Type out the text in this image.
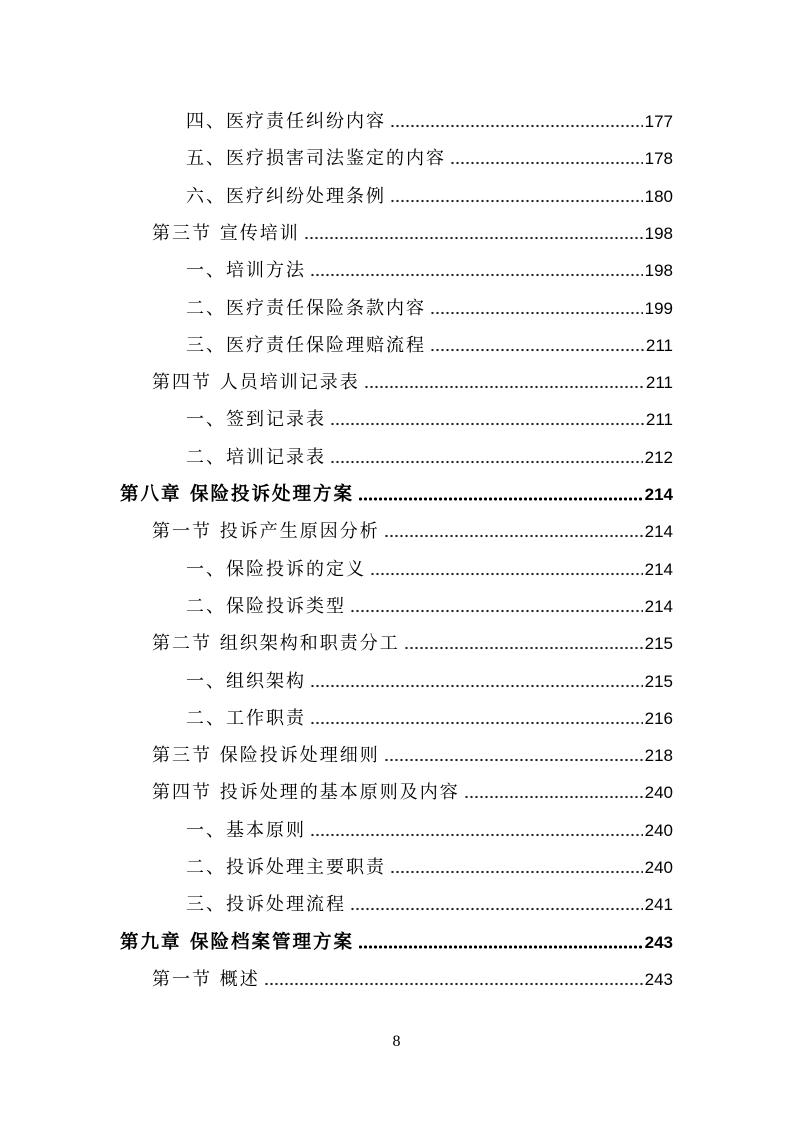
四、医疗责任纠纷内容	177
五、医疗损害司法鉴定的内容	178
六、医疗纠纷处理条例	180
第三节 宣传培训	198
一、培训方法	198
二、医疗责任保险条款内容	199
三、医疗责任保险理赔流程	211
第四节 人员培训记录表	211
一、签到记录表	211
二、培训记录表	212
第八章 保险投诉处理方案	214
第一节 投诉产生原因分析	214
一、保险投诉的定义	214
二、保险投诉类型	214
第二节 组织架构和职责分工	215
一、组织架构	215
二、工作职责	216
第三节 保险投诉处理细则	218
第四节 投诉处理的基本原则及内容	240
一、基本原则	240
二、投诉处理主要职责	240
三、投诉处理流程	241
第九章 保险档案管理方案	243
第一节 概述	243
8
